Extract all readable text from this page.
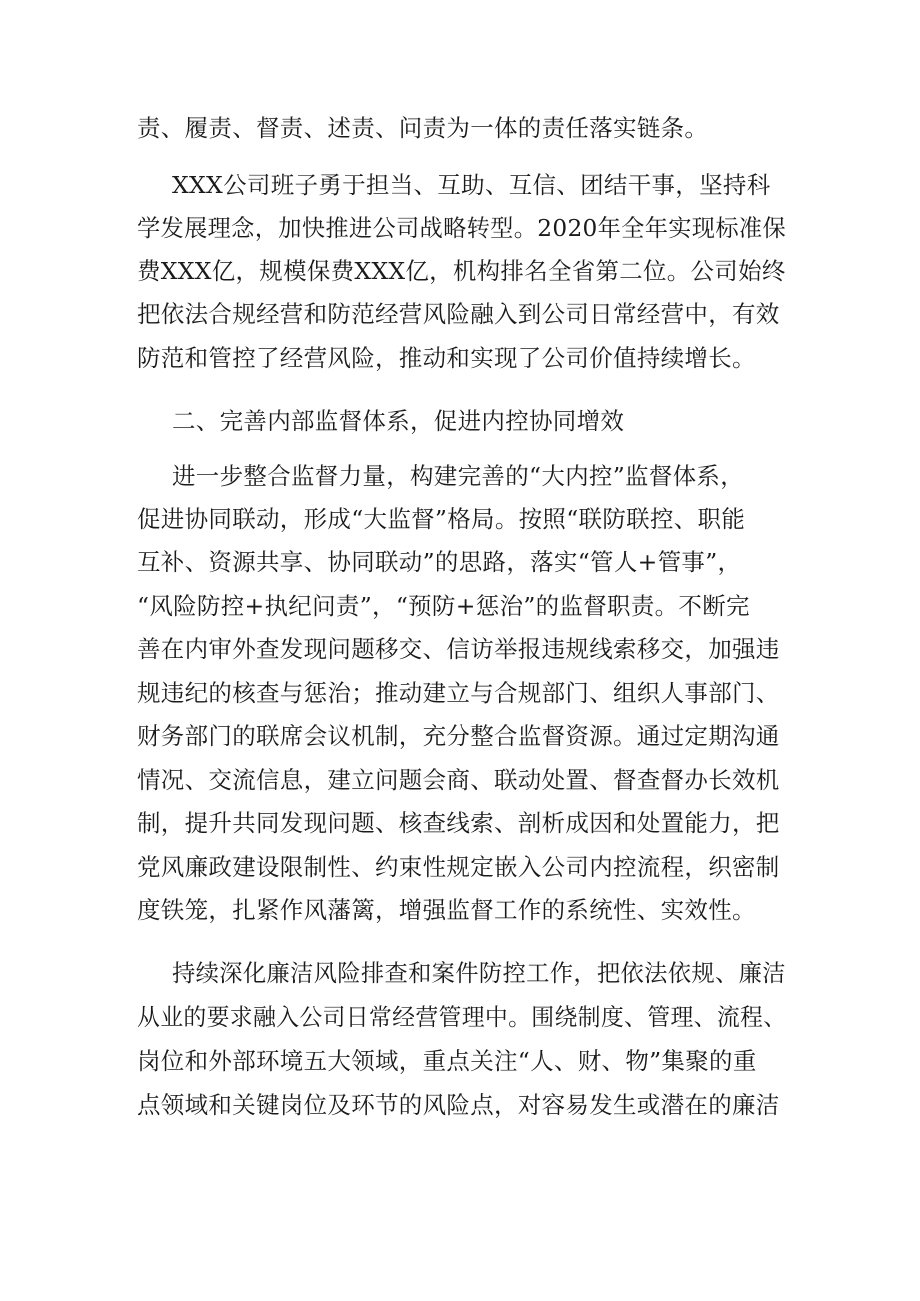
责、履责、督责、述责、问责为一体的责任落实链条。
XXX公司班子勇于担当、互助、互信、团结干事，坚持科
学发展理念，加快推进公司战略转型。2020年全年实现标准保
费XXX亿，规模保费XXX亿，机构排名全省第二位。公司始终
把依法合规经营和防范经营风险融入到公司日常经营中，有效
防范和管控了经营风险，推动和实现了公司价值持续增长。
二、完善内部监督体系，促进内控协同增效
进一步整合监督力量，构建完善的“大内控”监督体系，
促进协同联动，形成“大监督”格局。按照“联防联控、职能
互补、资源共享、协同联动”的思路，落实“管人+管事”，
“风险防控+执纪问责”，“预防+惩治”的监督职责。不断完
善在内审外查发现问题移交、信访举报违规线索移交，加强违
规违纪的核查与惩治；推动建立与合规部门、组织人事部门、
财务部门的联席会议机制，充分整合监督资源。通过定期沟通
情况、交流信息，建立问题会商、联动处置、督查督办长效机
制，提升共同发现问题、核查线索、剖析成因和处置能力，把
党风廉政建设限制性、约束性规定嵌入公司内控流程，织密制
度铁笼，扎紧作风藩篱，增强监督工作的系统性、实效性。
持续深化廉洁风险排查和案件防控工作，把依法依规、廉洁
从业的要求融入公司日常经营管理中。围绕制度、管理、流程、
岗位和外部环境五大领域，重点关注“人、财、物”集聚的重
点领域和关键岗位及环节的风险点，对容易发生或潜在的廉洁
